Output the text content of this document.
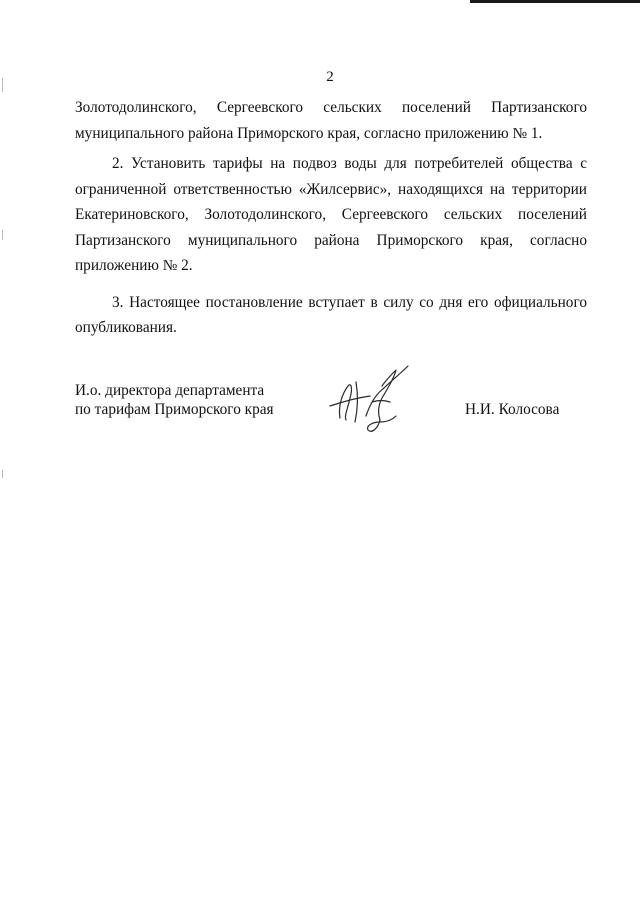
2

Золотодолинского, Сергеевского сельских поселений Партизанского муниципального района Приморского края, согласно приложению № 1.

2. Установить тарифы на подвоз воды для потребителей общества с ограниченной ответственностью «Жилсервис», находящихся на территории Екатериновского, Золотодолинского, Сергеевского сельских поселений Партизанского муниципального района Приморского края, согласно приложению № 2.

3. Настоящее постановление вступает в силу со дня его официального опубликования.

И.о. директора департамента
по тарифам Приморского края	Н.И. Колосова
